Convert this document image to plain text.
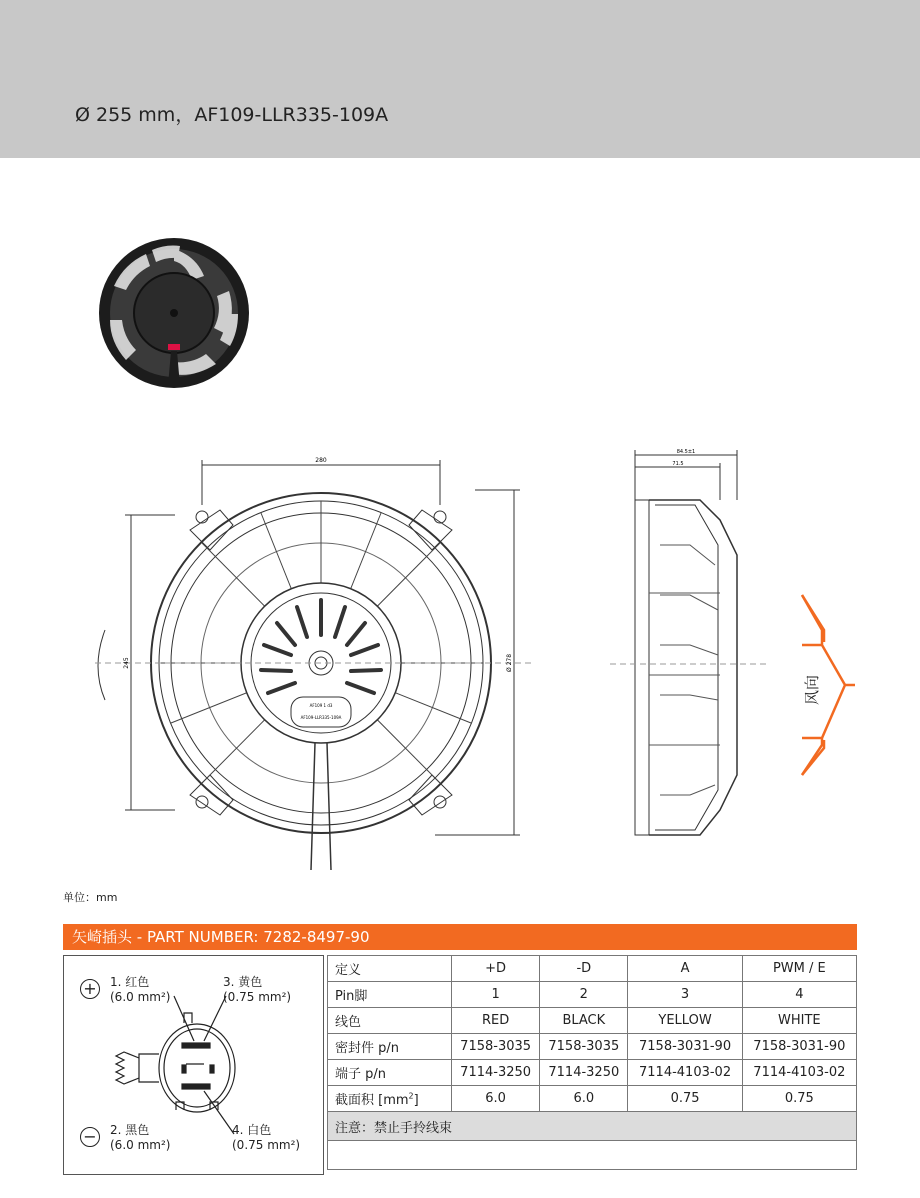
Ø 255 mm，AF109-LLR335-109A
280
245	Ø 278
AF109 1 d3
AF109-LLR335-109A
84.5±1
71.5
风向
单位：mm
矢崎插头 - PART NUMBER: 7282-8497-90
+ 1. 红色
(6.0 mm²)
3. 黄色
(0.75 mm²)
− 2. 黑色
(6.0 mm²)
4. 白色
(0.75 mm²)
定义	+D	-D	A	PWM / E
Pin脚	1	2	3	4
线色	RED	BLACK	YELLOW	WHITE
密封件 p/n	7158-3035	7158-3035	7158-3031-90	7158-3031-90
端子 p/n	7114-3250	7114-3250	7114-4103-02	7114-4103-02
截面积 $[mm^2]$	6.0	6.0	0.75	0.75
注意：禁止手拎线束				
